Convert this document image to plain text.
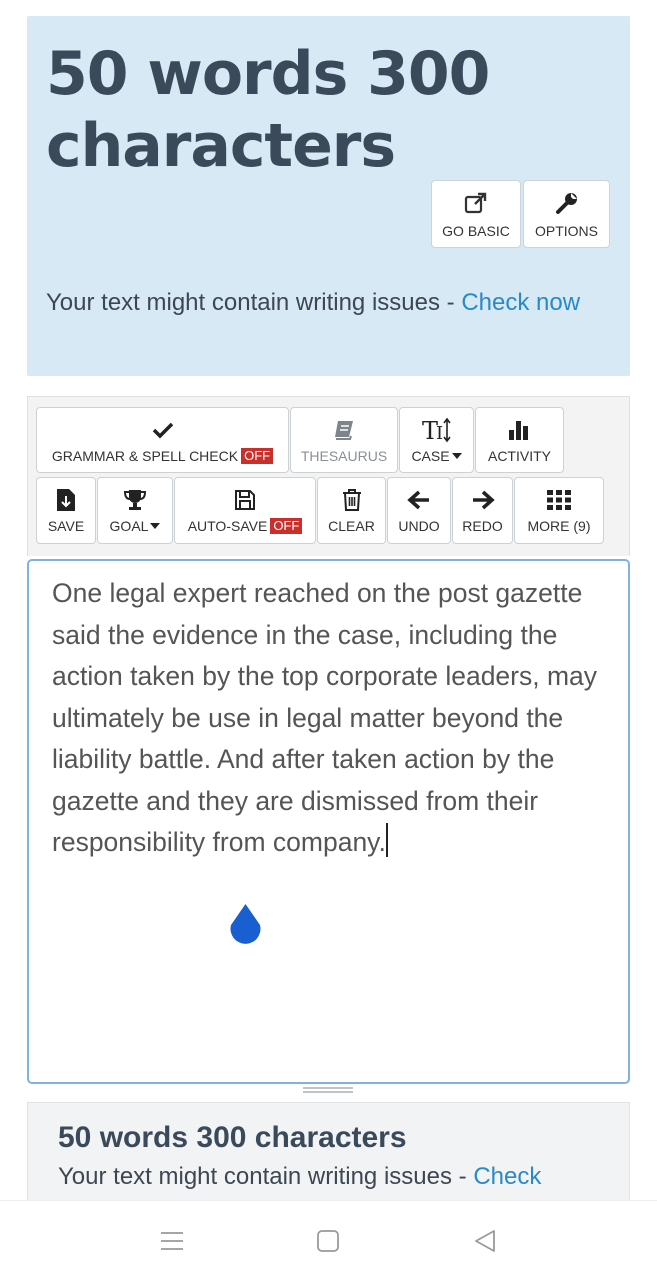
50 words 300 characters
GO BASIC OPTIONS

Your text might contain writing issues - Check now

GRAMMAR & SPELL CHECK OFF THESAURUS
T
I
CASE	ACTIVITY
SAVE GOAL	AUTO-SAVE OFF CLEAR UNDO REDO MORE (9)
One legal expert reached on the post gazette said the evidence in the case, including the action taken by the top corporate leaders, may ultimately be use in legal matter beyond the liability battle. And after taken action by the gazette and they are dismissed from their responsibility from company.
50 words 300 characters
Your text might contain writing issues - Check
